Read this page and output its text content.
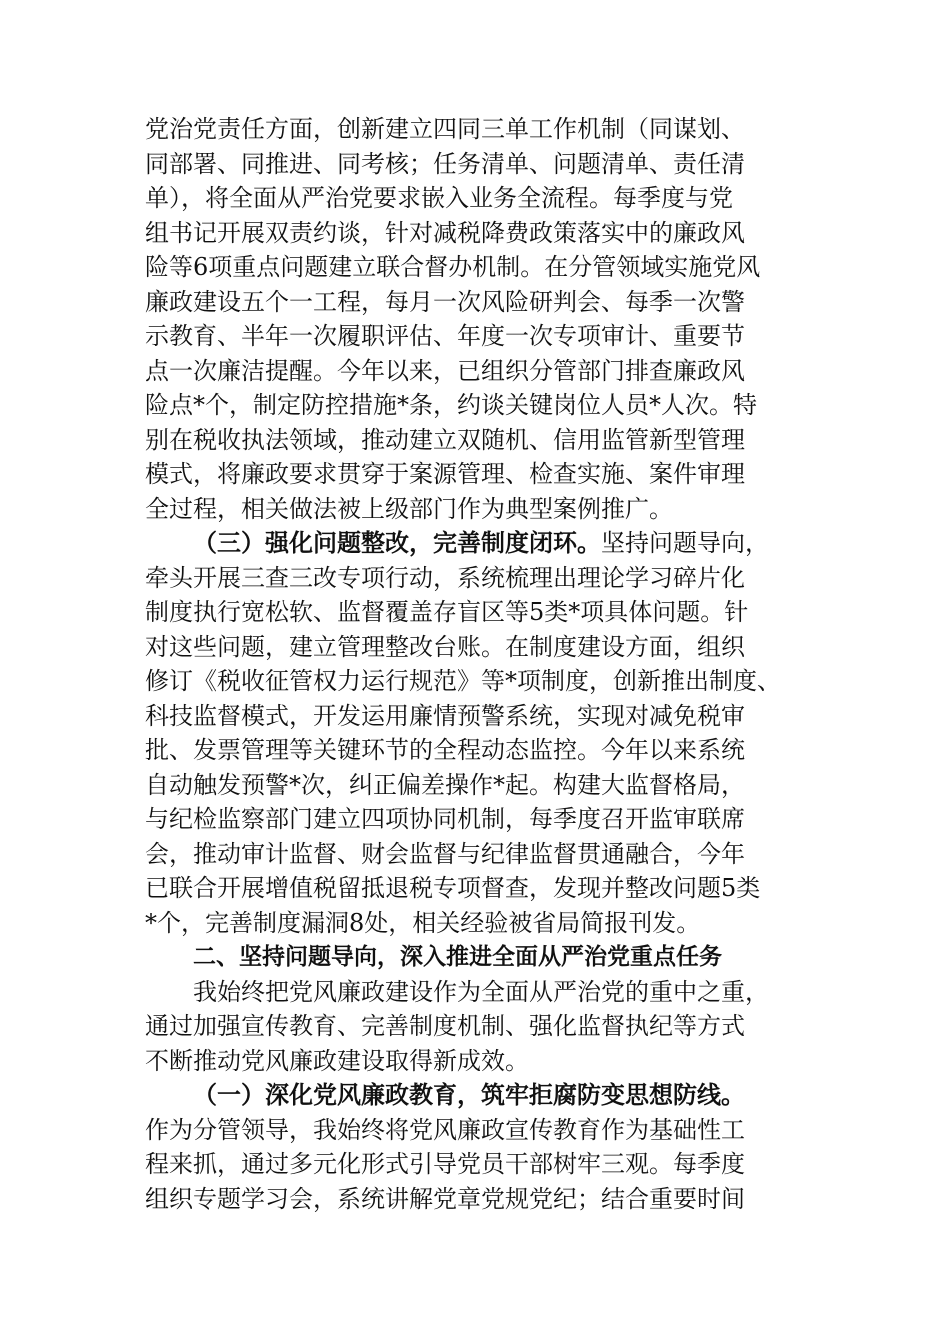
党治党责任方面，创新建立四同三单工作机制（同谋划、
同部署、同推进、同考核；任务清单、问题清单、责任清
单），将全面从严治党要求嵌入业务全流程。每季度与党
组书记开展双责约谈，针对减税降费政策落实中的廉政风
险等6项重点问题建立联合督办机制。在分管领域实施党风
廉政建设五个一工程，每月一次风险研判会、每季一次警
示教育、半年一次履职评估、年度一次专项审计、重要节
点一次廉洁提醒。今年以来，已组织分管部门排查廉政风
险点*个，制定防控措施*条，约谈关键岗位人员*人次。特
别在税收执法领域，推动建立双随机、信用监管新型管理
模式，将廉政要求贯穿于案源管理、检查实施、案件审理
全过程，相关做法被上级部门作为典型案例推广。
（三）强化问题整改，完善制度闭环。坚持问题导向，
牵头开展三查三改专项行动，系统梳理出理论学习碎片化
制度执行宽松软、监督覆盖存盲区等5类*项具体问题。针
对这些问题，建立管理整改台账。在制度建设方面，组织
修订《税收征管权力运行规范》等*项制度，创新推出制度、
科技监督模式，开发运用廉情预警系统，实现对减免税审
批、发票管理等关键环节的全程动态监控。今年以来系统
自动触发预警*次，纠正偏差操作*起。构建大监督格局，
与纪检监察部门建立四项协同机制，每季度召开监审联席
会，推动审计监督、财会监督与纪律监督贯通融合，今年
已联合开展增值税留抵退税专项督查，发现并整改问题5类
*个，完善制度漏洞8处，相关经验被省局简报刊发。
二、坚持问题导向，深入推进全面从严治党重点任务
我始终把党风廉政建设作为全面从严治党的重中之重，
通过加强宣传教育、完善制度机制、强化监督执纪等方式
不断推动党风廉政建设取得新成效。
（一）深化党风廉政教育，筑牢拒腐防变思想防线。
作为分管领导，我始终将党风廉政宣传教育作为基础性工
程来抓，通过多元化形式引导党员干部树牢三观。每季度
组织专题学习会，系统讲解党章党规党纪；结合重要时间
